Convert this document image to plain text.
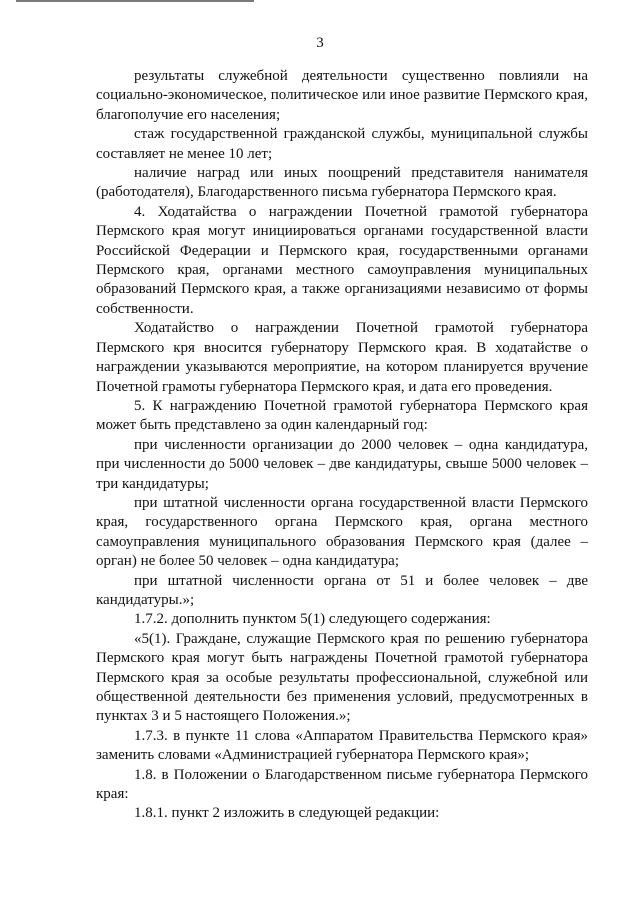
3

результаты служебной деятельности существенно повлияли на социально-экономическое, политическое или иное развитие Пермского края, благополучие его населения;

стаж государственной гражданской службы, муниципальной службы составляет не менее 10 лет;

наличие наград или иных поощрений представителя нанимателя (работодателя), Благодарственного письма губернатора Пермского края.

4. Ходатайства о награждении Почетной грамотой губернатора Пермского края могут инициироваться органами государственной власти Российской Федерации и Пермского края, государственными органами Пермского края, органами местного самоуправления муниципальных образований Пермского края, а также организациями независимо от формы собственности.

Ходатайство о награждении Почетной грамотой губернатора Пермского кря вносится губернатору Пермского края. В ходатайстве о награждении указываются мероприятие, на котором планируется вручение Почетной грамоты губернатора Пермского края, и дата его проведения.

5. К награждению Почетной грамотой губернатора Пермского края может быть представлено за один календарный год:

при численности организации до 2000 человек – одна кандидатура, при численности до 5000 человек – две кандидатуры, свыше 5000 человек – три кандидатуры;

при штатной численности органа государственной власти Пермского края, государственного органа Пермского края, органа местного самоуправления муниципального образования Пермского края (далее – орган) не более 50 человек – одна кандидатура;

при штатной численности органа от 51 и более человек – две кандидатуры.»;

1.7.2. дополнить пунктом 5(1) следующего содержания:

«5(1). Граждане, служащие Пермского края по решению губернатора Пермского края могут быть награждены Почетной грамотой губернатора Пермского края за особые результаты профессиональной, служебной или общественной деятельности без применения условий, предусмотренных в пунктах 3 и 5 настоящего Положения.»;

1.7.3. в пункте 11 слова «Аппаратом Правительства Пермского края» заменить словами «Администрацией губернатора Пермского края»;

1.8. в Положении о Благодарственном письме губернатора Пермского края:

1.8.1. пункт 2 изложить в следующей редакции:
